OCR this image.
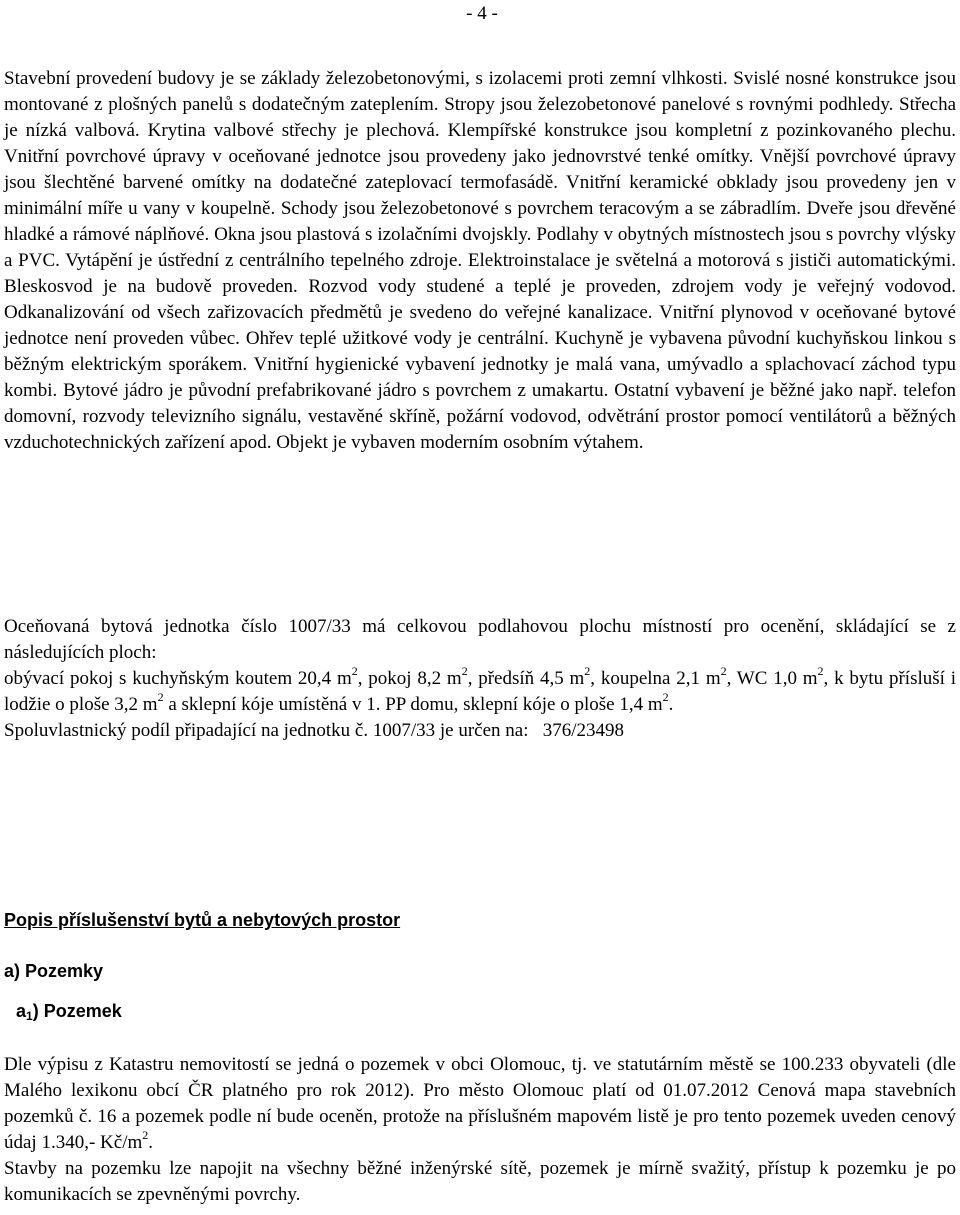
- 4 -

Stavební provedení budovy je se základy železobetonovými, s izolacemi proti zemní vlhkosti. Svislé nosné konstrukce jsou montované z plošných panelů s dodatečným zateplením. Stropy jsou železobetonové panelové s rovnými podhledy. Střecha je nízká valbová. Krytina valbové střechy je plechová. Klempířské konstrukce jsou kompletní z pozinkovaného plechu. Vnitřní povrchové úpravy v oceňované jednotce jsou provedeny jako jednovrstvé tenké omítky. Vnější povrchové úpravy jsou šlechtěné barvené omítky na dodatečné zateplovací termofasádě. Vnitřní keramické obklady jsou provedeny jen v minimální míře u vany v koupelně. Schody jsou železobetonové s povrchem teracovým a se zábradlím. Dveře jsou dřevěné hladké a rámové náplňové. Okna jsou plastová s izolačními dvojskly. Podlahy v obytných místnostech jsou s povrchy vlýsky a PVC. Vytápění je ústřední z centrálního tepelného zdroje. Elektroinstalace je světelná a motorová s jističi automatickými. Bleskosvod je na budově proveden. Rozvod vody studené a teplé je proveden, zdrojem vody je veřejný vodovod. Odkanalizování od všech zařizovacích předmětů je svedeno do veřejné kanalizace. Vnitřní plynovod v oceňované bytové jednotce není proveden vůbec. Ohřev teplé užitkové vody je centrální. Kuchyně je vybavena původní kuchyňskou linkou s běžným elektrickým sporákem. Vnitřní hygienické vybavení jednotky je malá vana, umývadlo a splachovací záchod typu kombi. Bytové jádro je původní prefabrikované jádro s povrchem z umakartu. Ostatní vybavení je běžné jako např. telefon domovní, rozvody televizního signálu, vestavěné skříně, požární vodovod, odvětrání prostor pomocí ventilátorů a běžných vzduchotechnických zařízení apod. Objekt je vybaven moderním osobním výtahem.

Oceňovaná bytová jednotka číslo 1007/33 má celkovou podlahovou plochu místností pro ocenění, skládající se z následujících ploch:

obývací pokoj s kuchyňským koutem 20,4 $m^2$, pokoj 8,2 $m^2$, předsíň 4,5 $m^2$, koupelna 2,1 $m^2$, WC 1,0 $m^2$, k bytu přísluší i lodžie o ploše 3,2 $m^2$ a sklepní kóje umístěná v 1. PP domu, sklepní kóje o ploše 1,4 $m^2$.

Spoluvlastnický podíl připadající na jednotku č. 1007/33 je určen na: 376/23498

Popis příslušenství bytů a nebytových prostor
a) Pozemky
$a_1$) Pozemek

Dle výpisu z Katastru nemovitostí se jedná o pozemek v obci Olomouc, tj. ve statutárním městě se 100.233 obyvateli (dle Malého lexikonu obcí ČR platného pro rok 2012). Pro město Olomouc platí od 01.07.2012 Cenová mapa stavebních pozemků č. 16 a pozemek podle ní bude oceněn, protože na příslušném mapovém listě je pro tento pozemek uveden cenový údaj 1.340,- $Kč/m^2$.

Stavby na pozemku lze napojit na všechny běžné inženýrské sítě, pozemek je mírně svažitý, přístup k pozemku je po komunikacích se zpevněnými povrchy.
